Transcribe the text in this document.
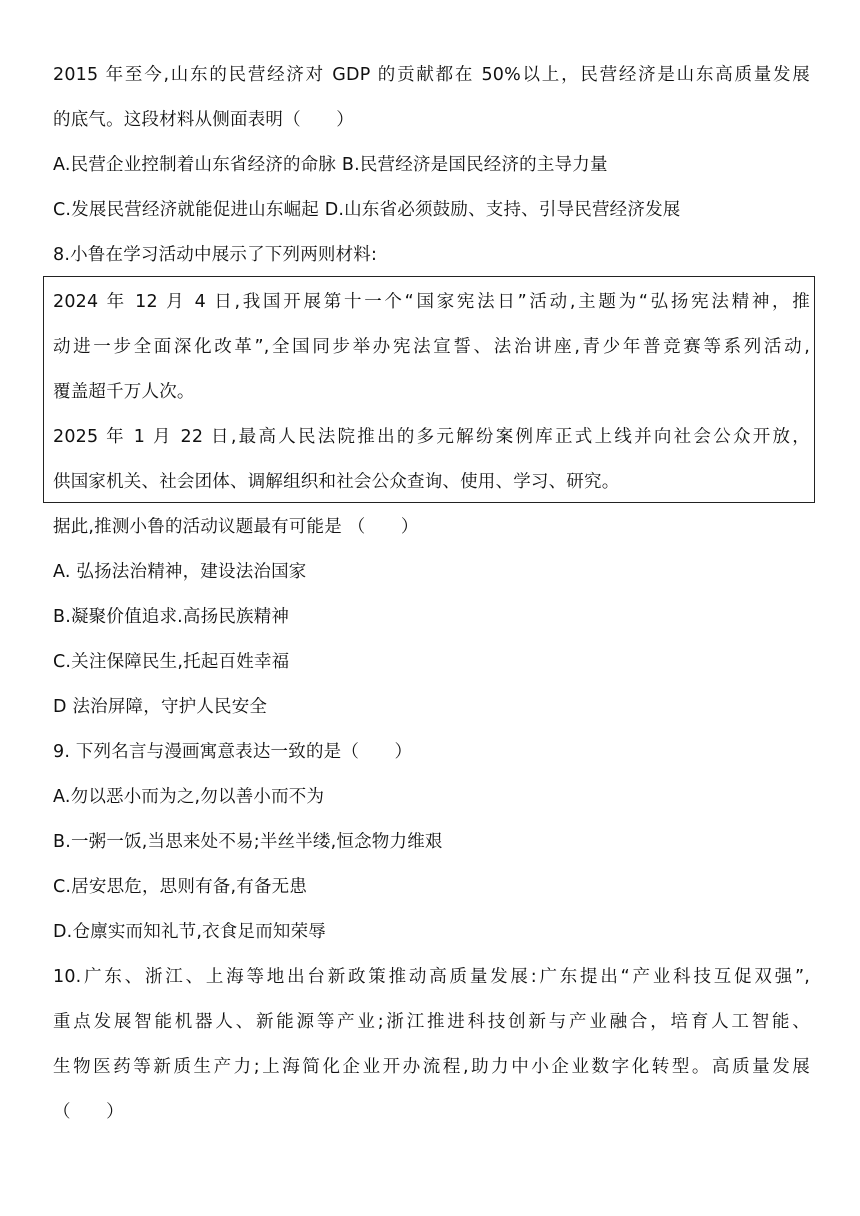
2015 年至今,山东的民营经济对 GDP 的贡献都在 50%以上，民营经济是山东高质量发展
的底气。这段材料从侧面表明（　　）
A.民营企业控制着山东省经济的命脉 B.民营经济是国民经济的主导力量
C.发展民营经济就能促进山东崛起 D.山东省必须鼓励、支持、引导民营经济发展
8.小鲁在学习活动中展示了下列两则材料:
2024 年 12 月 4 日,我国开展第十一个“国家宪法日”活动,主题为“弘扬宪法精神，推
动进一步全面深化改革”,全国同步举办宪法宣誓、法治讲座,青少年普竞赛等系列活动,
覆盖超千万人次。
2025 年 1 月 22 日,最高人民法院推出的多元解纷案例库正式上线并向社会公众开放，
供国家机关、社会团体、调解组织和社会公众查询、使用、学习、研究。
据此,推测小鲁的活动议题最有可能是 （　　）
A. 弘扬法治精神，建设法治国家
B.凝聚价值追求.高扬民族精神
C.关注保障民生,托起百姓幸福
D 法治屏障，守护人民安全
9. 下列名言与漫画寓意表达一致的是（　　）
A.勿以恶小而为之,勿以善小而不为
B.一粥一饭,当思来处不易;半丝半缕,恒念物力维艰
C.居安思危，思则有备,有备无患
D.仓廪实而知礼节,衣食足而知荣辱
10.广东、浙江、上海等地出台新政策推动高质量发展:广东提出“产业科技互促双强”,
重点发展智能机器人、新能源等产业;浙江推进科技创新与产业融合，培育人工智能、
生物医药等新质生产力;上海简化企业开办流程,助力中小企业数字化转型。高质量发展
（　　）
